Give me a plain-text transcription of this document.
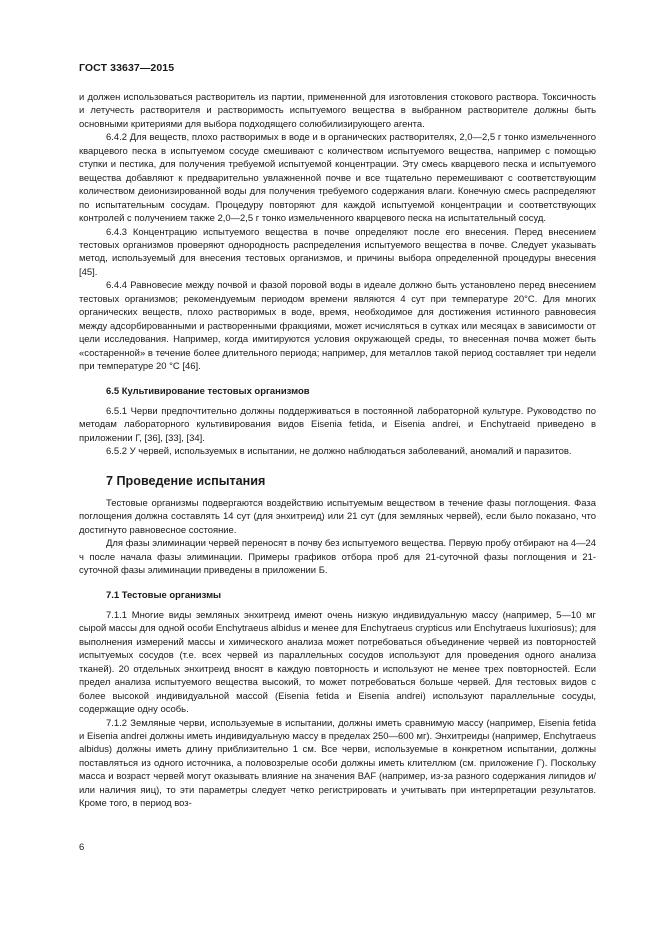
ГОСТ 33637—2015

и должен использоваться растворитель из партии, примененной для изготовления стокового раствора. Токсичность и летучесть растворителя и растворимость испытуемого вещества в выбранном растворителе должны быть основными критериями для выбора подходящего солюбилизирующего агента.

6.4.2 Для веществ, плохо растворимых в воде и в органических растворителях, 2,0—2,5 г тонко измельченного кварцевого песка в испытуемом сосуде смешивают с количеством испытуемого вещества, например с помощью ступки и пестика, для получения требуемой испытуемой концентрации. Эту смесь кварцевого песка и испытуемого вещества добавляют к предварительно увлажненной почве и все тщательно перемешивают с соответствующим количеством деионизированной воды для получения требуемого содержания влаги. Конечную смесь распределяют по испытательным сосудам. Процедуру повторяют для каждой испытуемой концентрации и соответствующих контролей с получением также 2,0—2,5 г тонко измельченного кварцевого песка на испытательный сосуд.

6.4.3 Концентрацию испытуемого вещества в почве определяют после его внесения. Перед внесением тестовых организмов проверяют однородность распределения испытуемого вещества в почве. Следует указывать метод, используемый для внесения тестовых организмов, и причины выбора определенной процедуры внесения [45].

6.4.4 Равновесие между почвой и фазой поровой воды в идеале должно быть установлено перед внесением тестовых организмов; рекомендуемым периодом времени являются 4 сут при температуре 20°С. Для многих органических веществ, плохо растворимых в воде, время, необходимое для достижения истинного равновесия между адсорбированными и растворенными фракциями, может исчисляться в сутках или месяцах в зависимости от цели исследования. Например, когда имитируются условия окружающей среды, то внесенная почва может быть «состаренной» в течение более длительного периода; например, для металлов такой период составляет три недели при температуре 20 °С [46].

6.5 Культивирование тестовых организмов

6.5.1 Черви предпочтительно должны поддерживаться в постоянной лабораторной культуре. Руководство по методам лабораторного культивирования видов Eisenia fetida, и Eisenia andrei, и Enchytraeid приведено в приложении Г, [36], [33], [34].

6.5.2 У червей, используемых в испытании, не должно наблюдаться заболеваний, аномалий и паразитов.

7 Проведение испытания

Тестовые организмы подвергаются воздействию испытуемым веществом в течение фазы поглощения. Фаза поглощения должна составлять 14 сут (для энхитреид) или 21 сут (для земляных червей), если было показано, что достигнуто равновесное состояние.

Для фазы элиминации червей переносят в почву без испытуемого вещества. Первую пробу отбирают на 4—24 ч после начала фазы элиминации. Примеры графиков отбора проб для 21-суточной фазы поглощения и 21-суточной фазы элиминации приведены в приложении Б.

7.1 Тестовые организмы

7.1.1 Многие виды земляных энхитреид имеют очень низкую индивидуальную массу (например, 5—10 мг сырой массы для одной особи Enchytraeus albidus и менее для Enchytraeus crypticus или Enchytraeus luxuriosus); для выполнения измерений массы и химического анализа может потребоваться объединение червей из повторностей испытуемых сосудов (т.е. всех червей из параллельных сосудов используют для проведения одного анализа тканей). 20 отдельных энхитреид вносят в каждую повторность и используют не менее трех повторностей. Если предел анализа испытуемого вещества высокий, то может потребоваться больше червей. Для тестовых видов с более высокой индивидуальной массой (Eisenia fetida и Eisenia andrei) используют параллельные сосуды, содержащие одну особь.

7.1.2 Земляные черви, используемые в испытании, должны иметь сравнимую массу (например, Eisenia fetida и Eisenia andrei должны иметь индивидуальную массу в пределах 250—600 мг). Энхитреиды (например, Enchytraeus albidus) должны иметь длину приблизительно 1 см. Все черви, используемые в конкретном испытании, должны поставляться из одного источника, а половозрелые особи должны иметь клителлюм (см. приложение Г). Поскольку масса и возраст червей могут оказывать влияние на значения BAF (например, из-за разного содержания липидов и/или наличия яиц), то эти параметры следует четко регистрировать и учитывать при интерпретации результатов. Кроме того, в период воз-

6
